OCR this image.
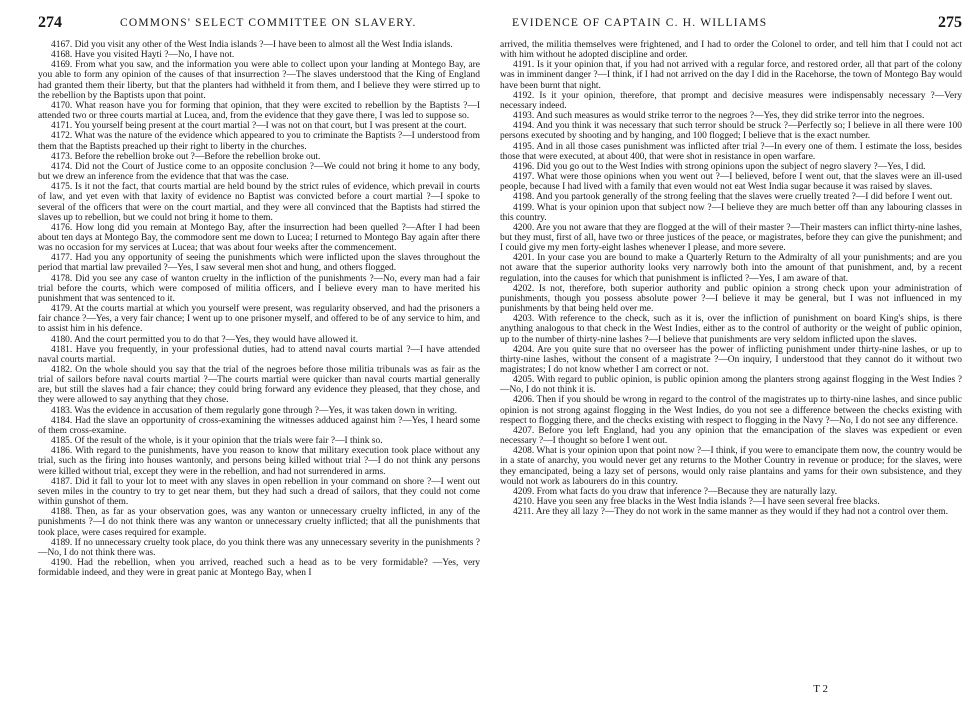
274	COMMONS' SELECT COMMITTEE ON SLAVERY.

4167. Did you visit any other of the West India islands ?—I have been to almost all the West India islands.

4168. Have you visited Hayti ?—No, I have not.

4169. From what you saw, and the information you were able to collect upon your landing at Montego Bay, are you able to form any opinion of the causes of that insurrection ?—The slaves understood that the King of England had granted them their liberty, but that the planters had withheld it from them, and I believe they were stirred up to the rebellion by the Baptists upon that point.

4170. What reason have you for forming that opinion, that they were excited to rebellion by the Baptists ?—I attended two or three courts martial at Lucea, and, from the evidence that they gave there, I was led to suppose so.

4171. You yourself being present at the court martial ?—I was not on that court, but I was present at the court.

4172. What was the nature of the evidence which appeared to you to criminate the Baptists ?—I understood from them that the Baptists preached up their right to liberty in the churches.

4173. Before the rebellion broke out ?—Before the rebellion broke out.

4174. Did not the Court of Justice come to an opposite conclusion ?—We could not bring it home to any body, but we drew an inference from the evidence that that was the case.

4175. Is it not the fact, that courts martial are held bound by the strict rules of evidence, which prevail in courts of law, and yet even with that laxity of evidence no Baptist was convicted before a court martial ?—I spoke to several of the officers that were on the court martial, and they were all convinced that the Baptists had stirred the slaves up to rebellion, but we could not bring it home to them.

4176. How long did you remain at Montego Bay, after the insurrection had been quelled ?—After I had been about ten days at Montego Bay, the commodore sent me down to Lucea; I returned to Montego Bay again after there was no occasion for my services at Lucea; that was about four weeks after the commencement.

4177. Had you any opportunity of seeing the punishments which were inflicted upon the slaves throughout the period that martial law prevailed ?—Yes, I saw several men shot and hung, and others flogged.

4178. Did you see any case of wanton cruelty in the infliction of the punishments ?—No, every man had a fair trial before the courts, which were composed of militia officers, and I believe every man to have merited his punishment that was sentenced to it.

4179. At the courts martial at which you yourself were present, was regularity observed, and had the prisoners a fair chance ?—Yes, a very fair chance; I went up to one prisoner myself, and offered to be of any service to him, and to assist him in his defence.

4180. And the court permitted you to do that ?—Yes, they would have allowed it.

4181. Have you frequently, in your professional duties, had to attend naval courts martial ?—I have attended naval courts martial.

4182. On the whole should you say that the trial of the negroes before those militia tribunals was as fair as the trial of sailors before naval courts martial ?—The courts martial were quicker than naval courts martial generally are, but still the slaves had a fair chance; they could bring forward any evidence they pleased, that they chose, and they were allowed to say anything that they chose.

4183. Was the evidence in accusation of them regularly gone through ?—Yes, it was taken down in writing.

4184. Had the slave an opportunity of cross-examining the witnesses adduced against him ?—Yes, I heard some of them cross-examine.

4185. Of the result of the whole, is it your opinion that the trials were fair ?—I think so.

4186. With regard to the punishments, have you reason to know that military execution took place without any trial, such as the firing into houses wantonly, and persons being killed without trial ?—I do not think any persons were killed without trial, except they were in the rebellion, and had not surrendered in arms.

4187. Did it fall to your lot to meet with any slaves in open rebellion in your command on shore ?—I went out seven miles in the country to try to get near them, but they had such a dread of sailors, that they could not come within gunshot of them.

4188. Then, as far as your observation goes, was any wanton or unnecessary cruelty inflicted, in any of the punishments ?—I do not think there was any wanton or unnecessary cruelty inflicted; that all the punishments that took place, were cases required for example.

4189. If no unnecessary cruelty took place, do you think there was any unnecessary severity in the punishments ?—No, I do not think there was.

4190. Had the rebellion, when you arrived, reached such a head as to be very formidable? —Yes, very formidable indeed, and they were in great panic at Montego Bay, when I

EVIDENCE OF CAPTAIN C. H. WILLIAMS	275

arrived, the militia themselves were frightened, and I had to order the Colonel to order, and tell him that I could not act with him without he adopted discipline and order.

4191. Is it your opinion that, if you had not arrived with a regular force, and restored order, all that part of the colony was in imminent danger ?—I think, if I had not arrived on the day I did in the Racehorse, the town of Montego Bay would have been burnt that night.

4192. Is it your opinion, therefore, that prompt and decisive measures were indispensably necessary ?—Very necessary indeed.

4193. And such measures as would strike terror to the negroes ?—Yes, they did strike terror into the negroes.

4194. And you think it was necessary that such terror should be struck ?—Perfectly so; I believe in all there were 100 persons executed by shooting and by hanging, and 100 flogged; I believe that is the exact number.

4195. And in all those cases punishment was inflicted after trial ?—In every one of them. I estimate the loss, besides those that were executed, at about 400, that were shot in resistance in open warfare.

4196. Did you go out to the West Indies with strong opinions upon the subject of negro slavery ?—Yes, I did.

4197. What were those opinions when you went out ?—I believed, before I went out, that the slaves were an ill-used people, because I had lived with a family that even would not eat West India sugar because it was raised by slaves.

4198. And you partook generally of the strong feeling that the slaves were cruelly treated ?—I did before I went out.

4199. What is your opinion upon that subject now ?—I believe they are much better off than any labouring classes in this country.

4200. Are you not aware that they are flogged at the will of their master ?—Their masters can inflict thirty-nine lashes, but they must, first of all, have two or three justices of the peace, or magistrates, before they can give the punishment; and I could give my men forty-eight lashes whenever I please, and more severe.

4201. In your case you are bound to make a Quarterly Return to the Admiralty of all your punishments; and are you not aware that the superior authority looks very narrowly both into the amount of that punishment, and, by a recent regulation, into the causes for which that punishment is inflicted ?—Yes, I am aware of that.

4202. Is not, therefore, both superior authority and public opinion a strong check upon your administration of punishments, though you possess absolute power ?—I believe it may be general, but I was not influenced in my punishments by that being held over me.

4203. With reference to the check, such as it is, over the infliction of punishment on board King's ships, is there anything analogous to that check in the West Indies, either as to the control of authority or the weight of public opinion, up to the number of thirty-nine lashes ?—I believe that punishments are very seldom inflicted upon the slaves.

4204. Are you quite sure that no overseer has the power of inflicting punishment under thirty-nine lashes, or up to thirty-nine lashes, without the consent of a magistrate ?—On inquiry, I understood that they cannot do it without two magistrates; I do not know whether I am correct or not.

4205. With regard to public opinion, is public opinion among the planters strong against flogging in the West Indies ?—No, I do not think it is.

4206. Then if you should be wrong in regard to the control of the magistrates up to thirty-nine lashes, and since public opinion is not strong against flogging in the West Indies, do you not see a difference between the checks existing with respect to flogging there, and the checks existing with respect to flogging in the Navy ?—No, I do not see any difference.

4207. Before you left England, had you any opinion that the emancipation of the slaves was expedient or even necessary ?—I thought so before I went out.

4208. What is your opinion upon that point now ?—I think, if you were to emancipate them now, the country would be in a state of anarchy, you would never get any returns to the Mother Country in revenue or produce; for the slaves, were they emancipated, being a lazy set of persons, would only raise plantains and yams for their own subsistence, and they would not work as labourers do in this country.

4209. From what facts do you draw that inference ?—Because they are naturally lazy.

4210. Have you seen any free blacks in the West India islands ?—I have seen several free blacks.

4211. Are they all lazy ?—They do not work in the same manner as they would if they had not a control over them.

T 2
